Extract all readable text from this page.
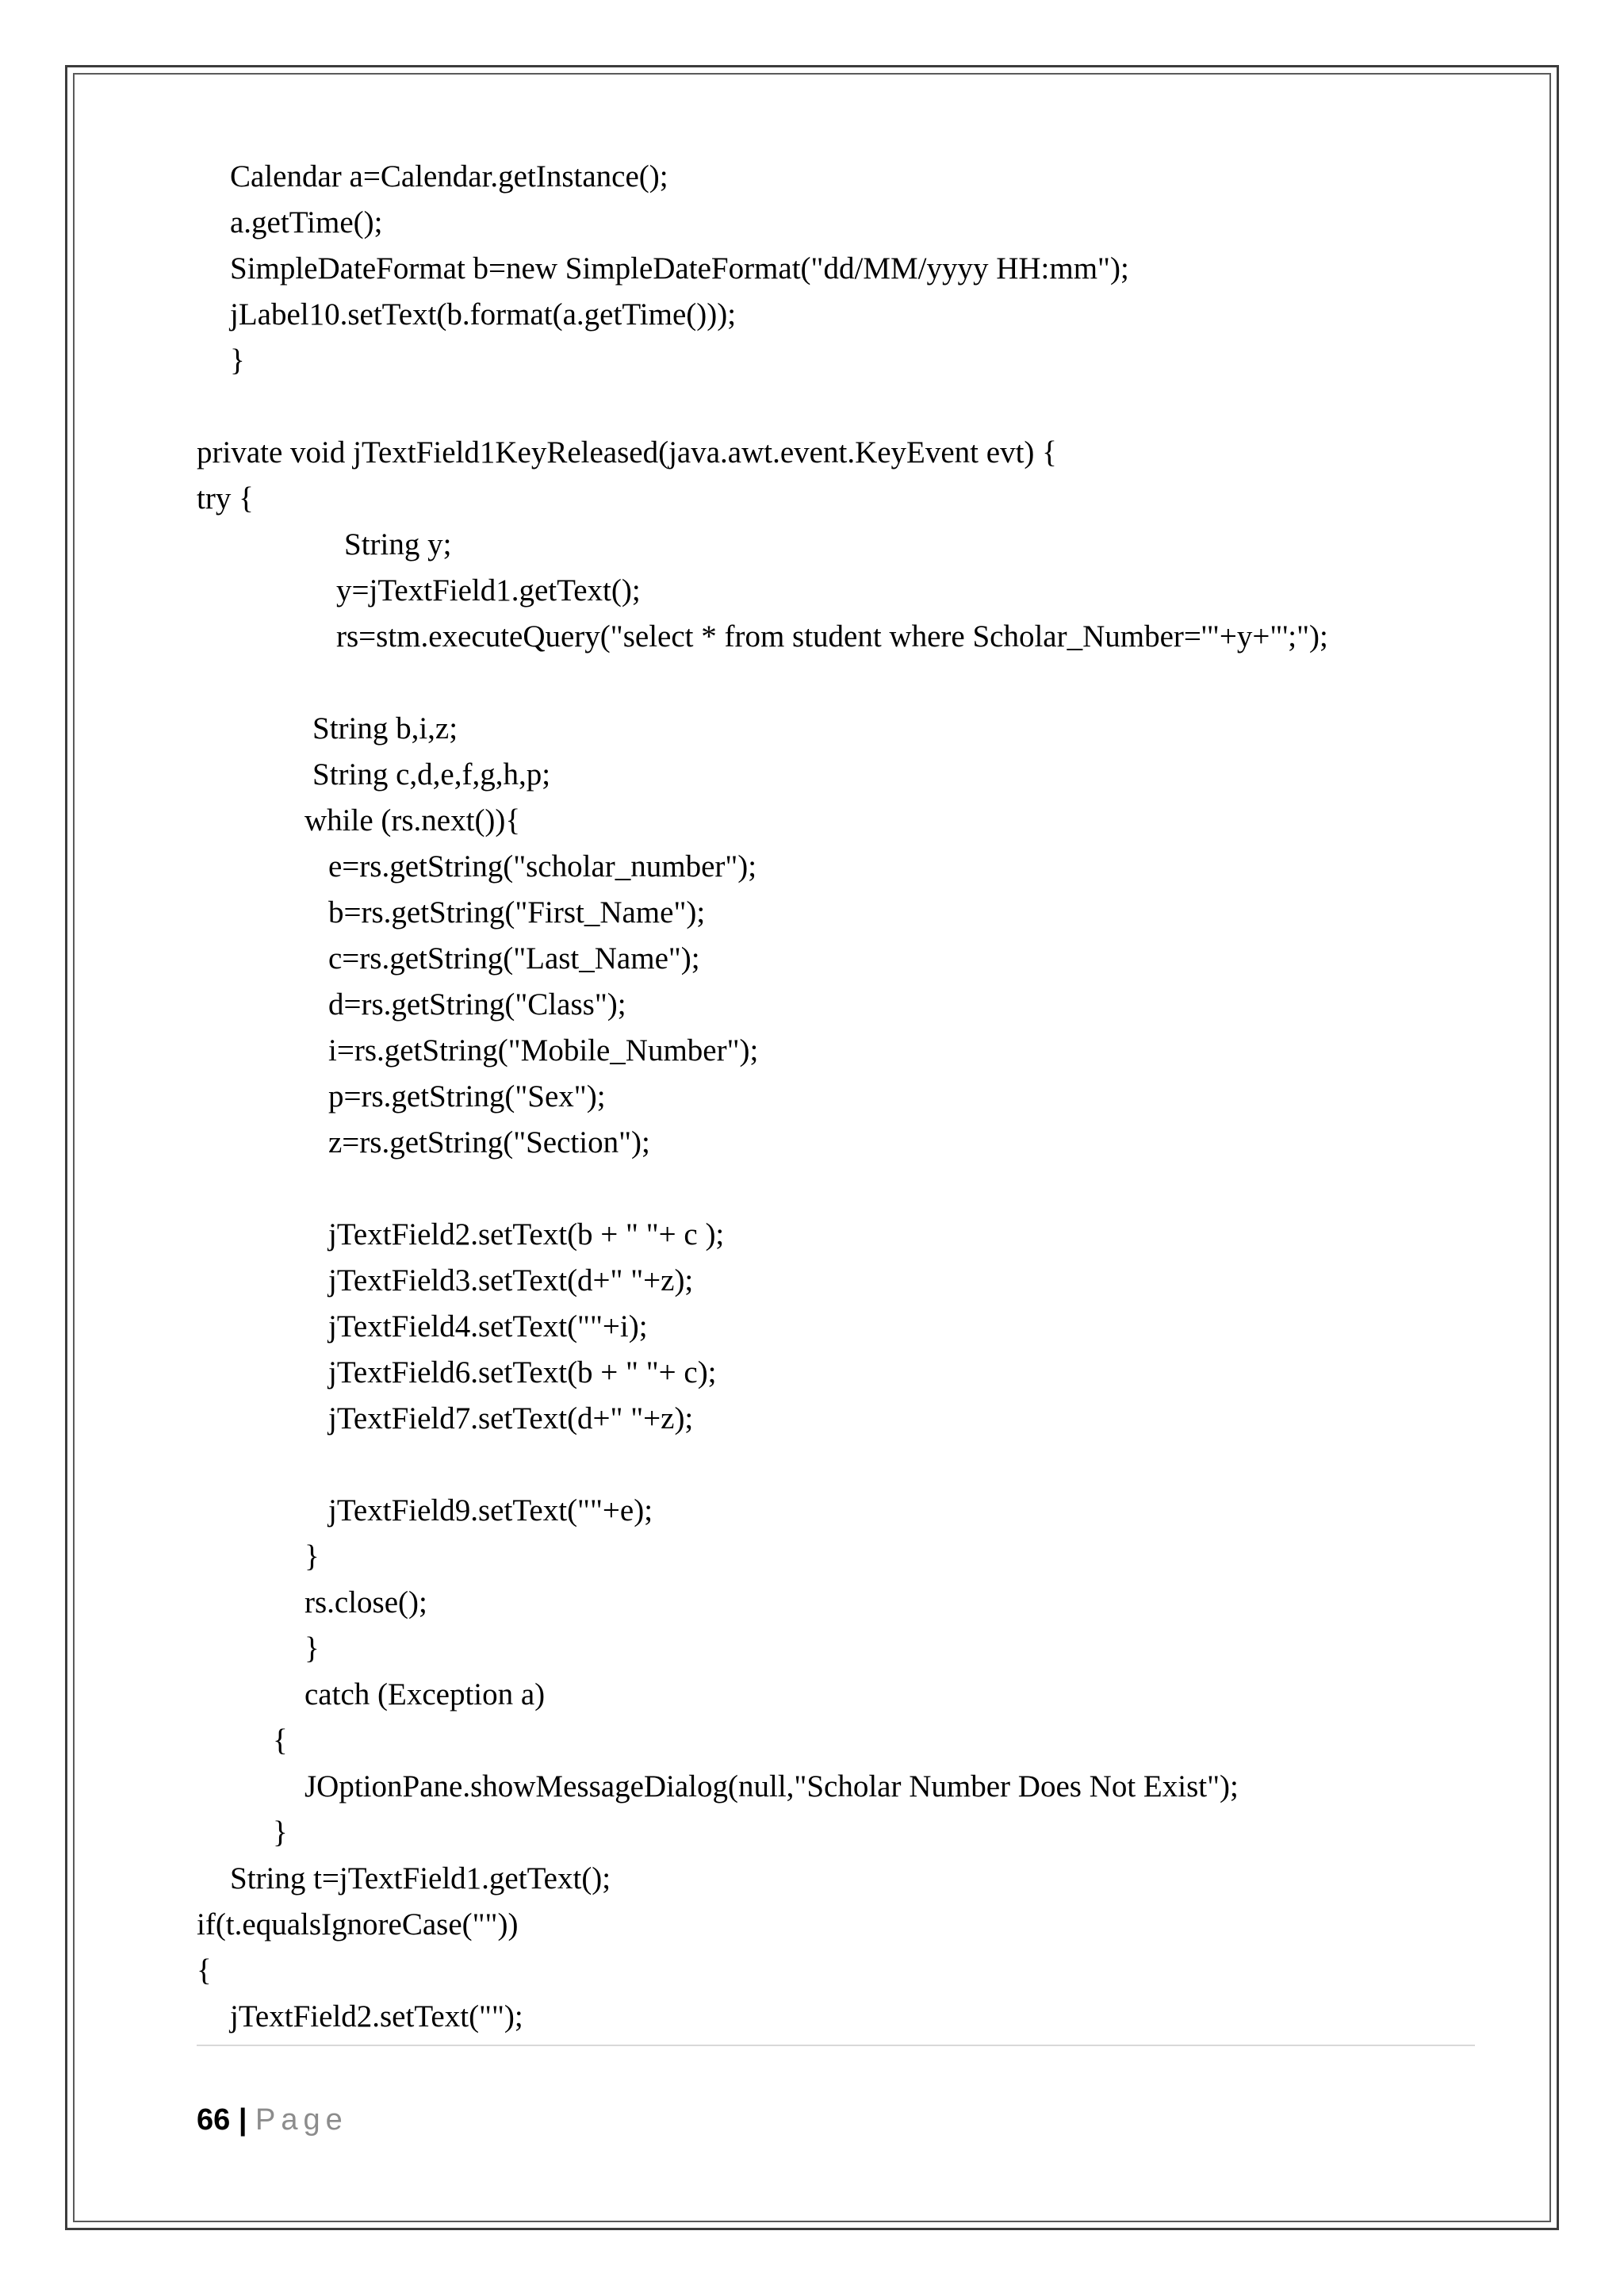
Calendar a=Calendar.getInstance();
a.getTime();
SimpleDateFormat b=new SimpleDateFormat("dd/MM/yyyy HH:mm");
jLabel10.setText(b.format(a.getTime()));
}
private void jTextField1KeyReleased(java.awt.event.KeyEvent evt) {
try {
String y;
y=jTextField1.getText();
rs=stm.executeQuery("select * from student where Scholar_Number='"+y+"';");
String b,i,z;
String c,d,e,f,g,h,p;
while (rs.next()){
e=rs.getString("scholar_number");
b=rs.getString("First_Name");
c=rs.getString("Last_Name");
d=rs.getString("Class");
i=rs.getString("Mobile_Number");
p=rs.getString("Sex");
z=rs.getString("Section");
jTextField2.setText(b + " "+ c );
jTextField3.setText(d+" "+z);
jTextField4.setText(""+i);
jTextField6.setText(b + " "+ c);
jTextField7.setText(d+" "+z);
jTextField9.setText(""+e);
}
rs.close();
}
catch (Exception a)
{
JOptionPane.showMessageDialog(null,"Scholar Number Does Not Exist");
}
String t=jTextField1.getText();
if(t.equalsIgnoreCase(""))
{
jTextField2.setText("");
66 | Page
